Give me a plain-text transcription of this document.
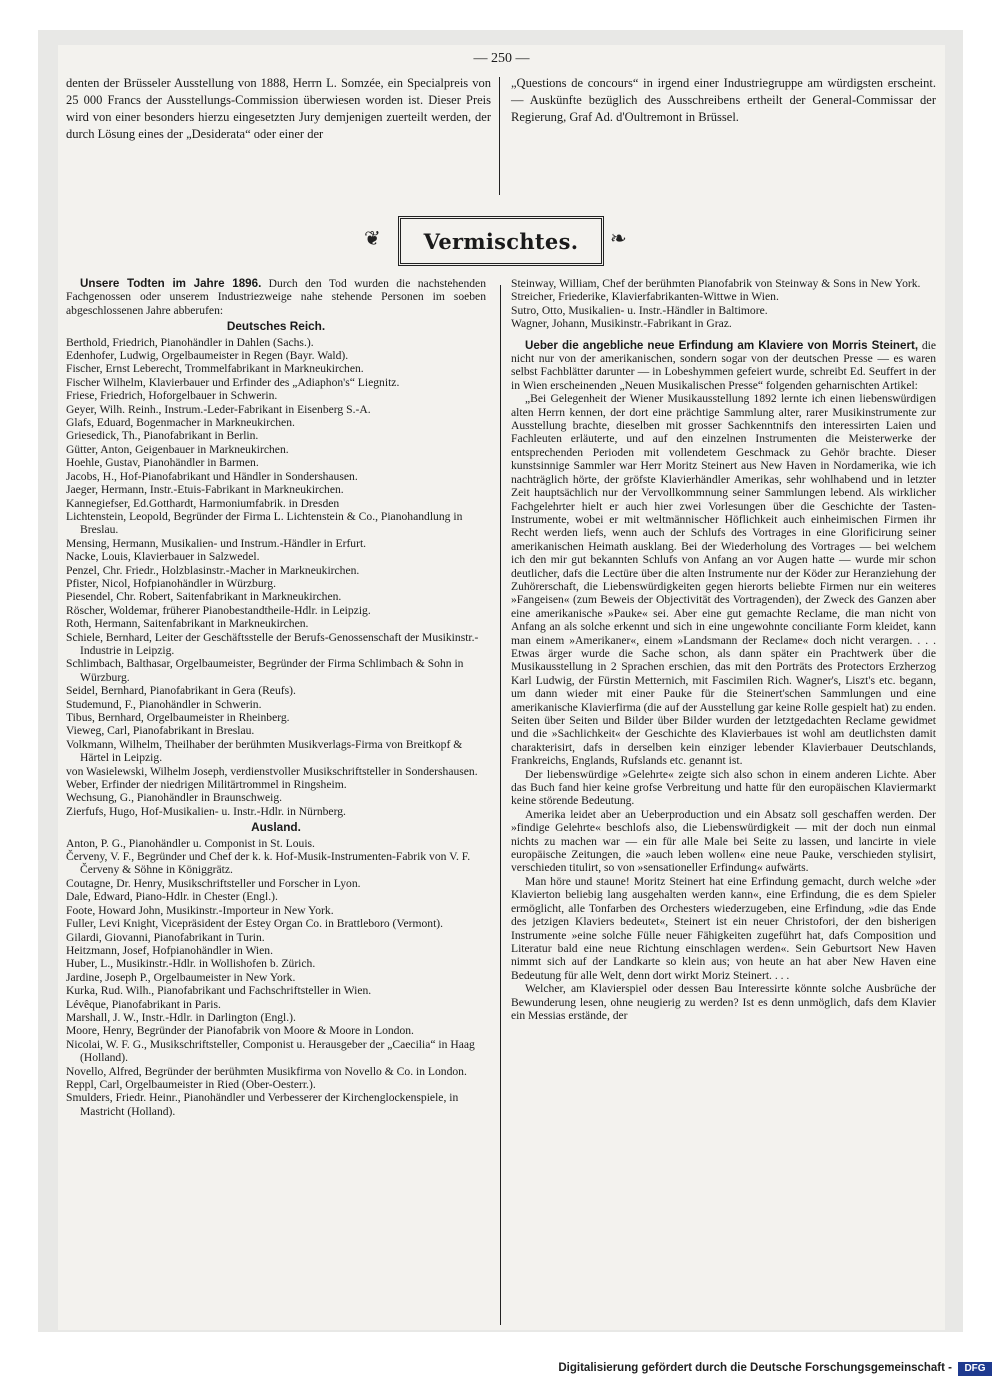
— 250 —
denten der Brüsseler Ausstellung von 1888, Herrn L. Somzée, ein Specialpreis von 25 000 Francs der Ausstellungs-Commission überwiesen worden ist. Dieser Preis wird von einer besonders hierzu eingesetzten Jury demjenigen zuerteilt werden, der durch Lösung eines der „Desiderata“ oder einer der
„Questions de concours“ in irgend einer Industriegruppe am würdigsten erscheint. — Auskünfte bezüglich des Ausschreibens ertheilt der General-Commissar der Regierung, Graf Ad. d'Oultremont in Brüssel.
❦ Vermischtes. ❧

Unsere Todten im Jahre 1896. Durch den Tod wurden die nachstehenden Fachgenossen oder unserem Industriezweige nahe stehende Personen im soeben abgeschlossenen Jahre abberufen:

Deutsches Reich.

Berthold, Friedrich, Pianohändler in Dahlen (Sachs.).

Edenhofer, Ludwig, Orgelbaumeister in Regen (Bayr. Wald).

Fischer, Ernst Leberecht, Trommelfabrikant in Markneukirchen.

Fischer Wilhelm, Klavierbauer und Erfinder des „Adiaphon's“ Liegnitz.

Friese, Friedrich, Hoforgelbauer in Schwerin.

Geyer, Wilh. Reinh., Instrum.-Leder-Fabrikant in Eisenberg S.-A.

Glafs, Eduard, Bogenmacher in Markneukirchen.

Griesedick, Th., Pianofabrikant in Berlin.

Gütter, Anton, Geigenbauer in Markneukirchen.

Hoehle, Gustav, Pianohändler in Barmen.

Jacobs, H., Hof-Pianofabrikant und Händler in Sondershausen.

Jaeger, Hermann, Instr.-Etuis-Fabrikant in Markneukirchen.

Kannegiefser, Ed.Gotthardt, Harmoniumfabrik. in Dresden

Lichtenstein, Leopold, Begründer der Firma L. Lichtenstein & Co., Pianohandlung in Breslau.

Mensing, Hermann, Musikalien- und Instrum.-Händler in Erfurt.

Nacke, Louis, Klavierbauer in Salzwedel.

Penzel, Chr. Friedr., Holzblasinstr.-Macher in Markneukirchen.

Pfister, Nicol, Hofpianohändler in Würzburg.

Piesendel, Chr. Robert, Saitenfabrikant in Markneukirchen.

Röscher, Woldemar, früherer Pianobestandtheile-Hdlr. in Leipzig.

Roth, Hermann, Saitenfabrikant in Markneukirchen.

Schiele, Bernhard, Leiter der Geschäftsstelle der Berufs-Genossenschaft der Musikinstr.-Industrie in Leipzig.

Schlimbach, Balthasar, Orgelbaumeister, Begründer der Firma Schlimbach & Sohn in Würzburg.

Seidel, Bernhard, Pianofabrikant in Gera (Reufs).

Studemund, F., Pianohändler in Schwerin.

Tibus, Bernhard, Orgelbaumeister in Rheinberg.

Vieweg, Carl, Pianofabrikant in Breslau.

Volkmann, Wilhelm, Theilhaber der berühmten Musikverlags-Firma von Breitkopf & Härtel in Leipzig.

von Wasielewski, Wilhelm Joseph, verdienstvoller Musikschriftsteller in Sondershausen.

Weber, Erfinder der niedrigen Militärtrommel in Ringsheim.

Wechsung, G., Pianohändler in Braunschweig.

Zierfufs, Hugo, Hof-Musikalien- u. Instr.-Hdlr. in Nürnberg.

Ausland.

Anton, P. G., Pianohändler u. Componist in St. Louis.

Červeny, V. F., Begründer und Chef der k. k. Hof-Musik-Instrumenten-Fabrik von V. F. Červeny & Söhne in Königgrätz.

Coutagne, Dr. Henry, Musikschriftsteller und Forscher in Lyon.

Dale, Edward, Piano-Hdlr. in Chester (Engl.).

Foote, Howard John, Musikinstr.-Importeur in New York.

Fuller, Levi Knight, Vicepräsident der Estey Organ Co. in Brattleboro (Vermont).

Gilardi, Giovanni, Pianofabrikant in Turin.

Heitzmann, Josef, Hofpianohändler in Wien.

Huber, L., Musikinstr.-Hdlr. in Wollishofen b. Zürich.

Jardine, Joseph P., Orgelbaumeister in New York.

Kurka, Rud. Wilh., Pianofabrikant und Fachschriftsteller in Wien.

Lévêque, Pianofabrikant in Paris.

Marshall, J. W., Instr.-Hdlr. in Darlington (Engl.).

Moore, Henry, Begründer der Pianofabrik von Moore & Moore in London.

Nicolai, W. F. G., Musikschriftsteller, Componist u. Herausgeber der „Caecilia“ in Haag (Holland).

Novello, Alfred, Begründer der berühmten Musikfirma von Novello & Co. in London.

Reppl, Carl, Orgelbaumeister in Ried (Ober-Oesterr.).

Smulders, Friedr. Heinr., Pianohändler und Verbesserer der Kirchenglockenspiele, in Mastricht (Holland).

Steinway, William, Chef der berühmten Pianofabrik von Steinway & Sons in New York.

Streicher, Friederike, Klavierfabrikanten-Wittwe in Wien.

Sutro, Otto, Musikalien- u. Instr.-Händler in Baltimore.

Wagner, Johann, Musikinstr.-Fabrikant in Graz.

Ueber die angebliche neue Erfindung am Klaviere von Morris Steinert, die nicht nur von der amerikanischen, sondern sogar von der deutschen Presse — es waren selbst Fachblätter darunter — in Lobeshymmen gefeiert wurde, schreibt Ed. Seuffert in der in Wien erscheinenden „Neuen Musikalischen Presse“ folgenden geharnischten Artikel:

„Bei Gelegenheit der Wiener Musikausstellung 1892 lernte ich einen liebenswürdigen alten Herrn kennen, der dort eine prächtige Sammlung alter, rarer Musikinstrumente zur Ausstellung brachte, dieselben mit grosser Sachkenntnifs den interessirten Laien und Fachleuten erläuterte, und auf den einzelnen Instrumenten die Meisterwerke der entsprechenden Perioden mit vollendetem Geschmack zu Gehör brachte. Dieser kunstsinnige Sammler war Herr Moritz Steinert aus New Haven in Nordamerika, wie ich nachträglich hörte, der gröfste Klavierhändler Amerikas, sehr wohlhabend und in letzter Zeit hauptsächlich nur der Vervollkommnung seiner Sammlungen lebend. Als wirklicher Fachgelehrter hielt er auch hier zwei Vorlesungen über die Geschichte der Tasten-Instrumente, wobei er mit weltmännischer Höflichkeit auch einheimischen Firmen ihr Recht werden liefs, wenn auch der Schlufs des Vortrages in eine Glorificirung seiner amerikanischen Heimath ausklang. Bei der Wiederholung des Vortrages — bei welchem ich den mir gut bekannten Schlufs von Anfang an vor Augen hatte — wurde mir schon deutlicher, dafs die Lectüre über die alten Instrumente nur der Köder zur Heranziehung der Zuhörerschaft, die Liebenswürdigkeiten gegen hierorts beliebte Firmen nur ein weiteres »Fangeisen« (zum Beweis der Objectivität des Vortragenden), der Zweck des Ganzen aber eine amerikanische »Pauke« sei. Aber eine gut gemachte Reclame, die man nicht von Anfang an als solche erkennt und sich in eine ungewohnte conciliante Form kleidet, kann man einem »Amerikaner«, einem »Landsmann der Reclame« doch nicht verargen. . . . Etwas ärger wurde die Sache schon, als dann später ein Prachtwerk über die Musikausstellung in 2 Sprachen erschien, das mit den Porträts des Protectors Erzherzog Karl Ludwig, der Fürstin Metternich, mit Fascimilen Rich. Wagner's, Liszt's etc. begann, um dann wieder mit einer Pauke für die Steinert'schen Sammlungen und eine amerikanische Klavierfirma (die auf der Ausstellung gar keine Rolle gespielt hat) zu enden. Seiten über Seiten und Bilder über Bilder wurden der letztgedachten Reclame gewidmet und die »Sachlichkeit« der Geschichte des Klavierbaues ist wohl am deutlichsten damit charakterisirt, dafs in derselben kein einziger lebender Klavierbauer Deutschlands, Frankreichs, Englands, Rufslands etc. genannt ist.

Der liebenswürdige »Gelehrte« zeigte sich also schon in einem anderen Lichte. Aber das Buch fand hier keine grofse Verbreitung und hatte für den europäischen Klaviermarkt keine störende Bedeutung.

Amerika leidet aber an Ueberproduction und ein Absatz soll geschaffen werden. Der »findige Gelehrte« beschlofs also, die Liebenswürdigkeit — mit der doch nun einmal nichts zu machen war — ein für alle Male bei Seite zu lassen, und lancirte in viele europäische Zeitungen, die »auch leben wollen« eine neue Pauke, verschieden stylisirt, verschieden titulirt, so von »sensationeller Erfindung« aufwärts.

Man höre und staune! Moritz Steinert hat eine Erfindung gemacht, durch welche »der Klavierton beliebig lang ausgehalten werden kann«, eine Erfindung, die es dem Spieler ermöglicht, alle Tonfarben des Orchesters wiederzugeben, eine Erfindung, »die das Ende des jetzigen Klaviers bedeutet«, Steinert ist ein neuer Christofori, der den bisherigen Instrumente »eine solche Fülle neuer Fähigkeiten zugeführt hat, dafs Composition und Literatur bald eine neue Richtung einschlagen werden«. Sein Geburtsort New Haven nimmt sich auf der Landkarte so klein aus; von heute an hat aber New Haven eine Bedeutung für alle Welt, denn dort wirkt Moriz Steinert. . . .

Welcher, am Klavierspiel oder dessen Bau Interessirte könnte solche Ausbrüche der Bewunderung lesen, ohne neugierig zu werden? Ist es denn unmöglich, dafs dem Klavier ein Messias erstände, der

Digitalisierung gefördert durch die Deutsche Forschungsgemeinschaft -	DFG
